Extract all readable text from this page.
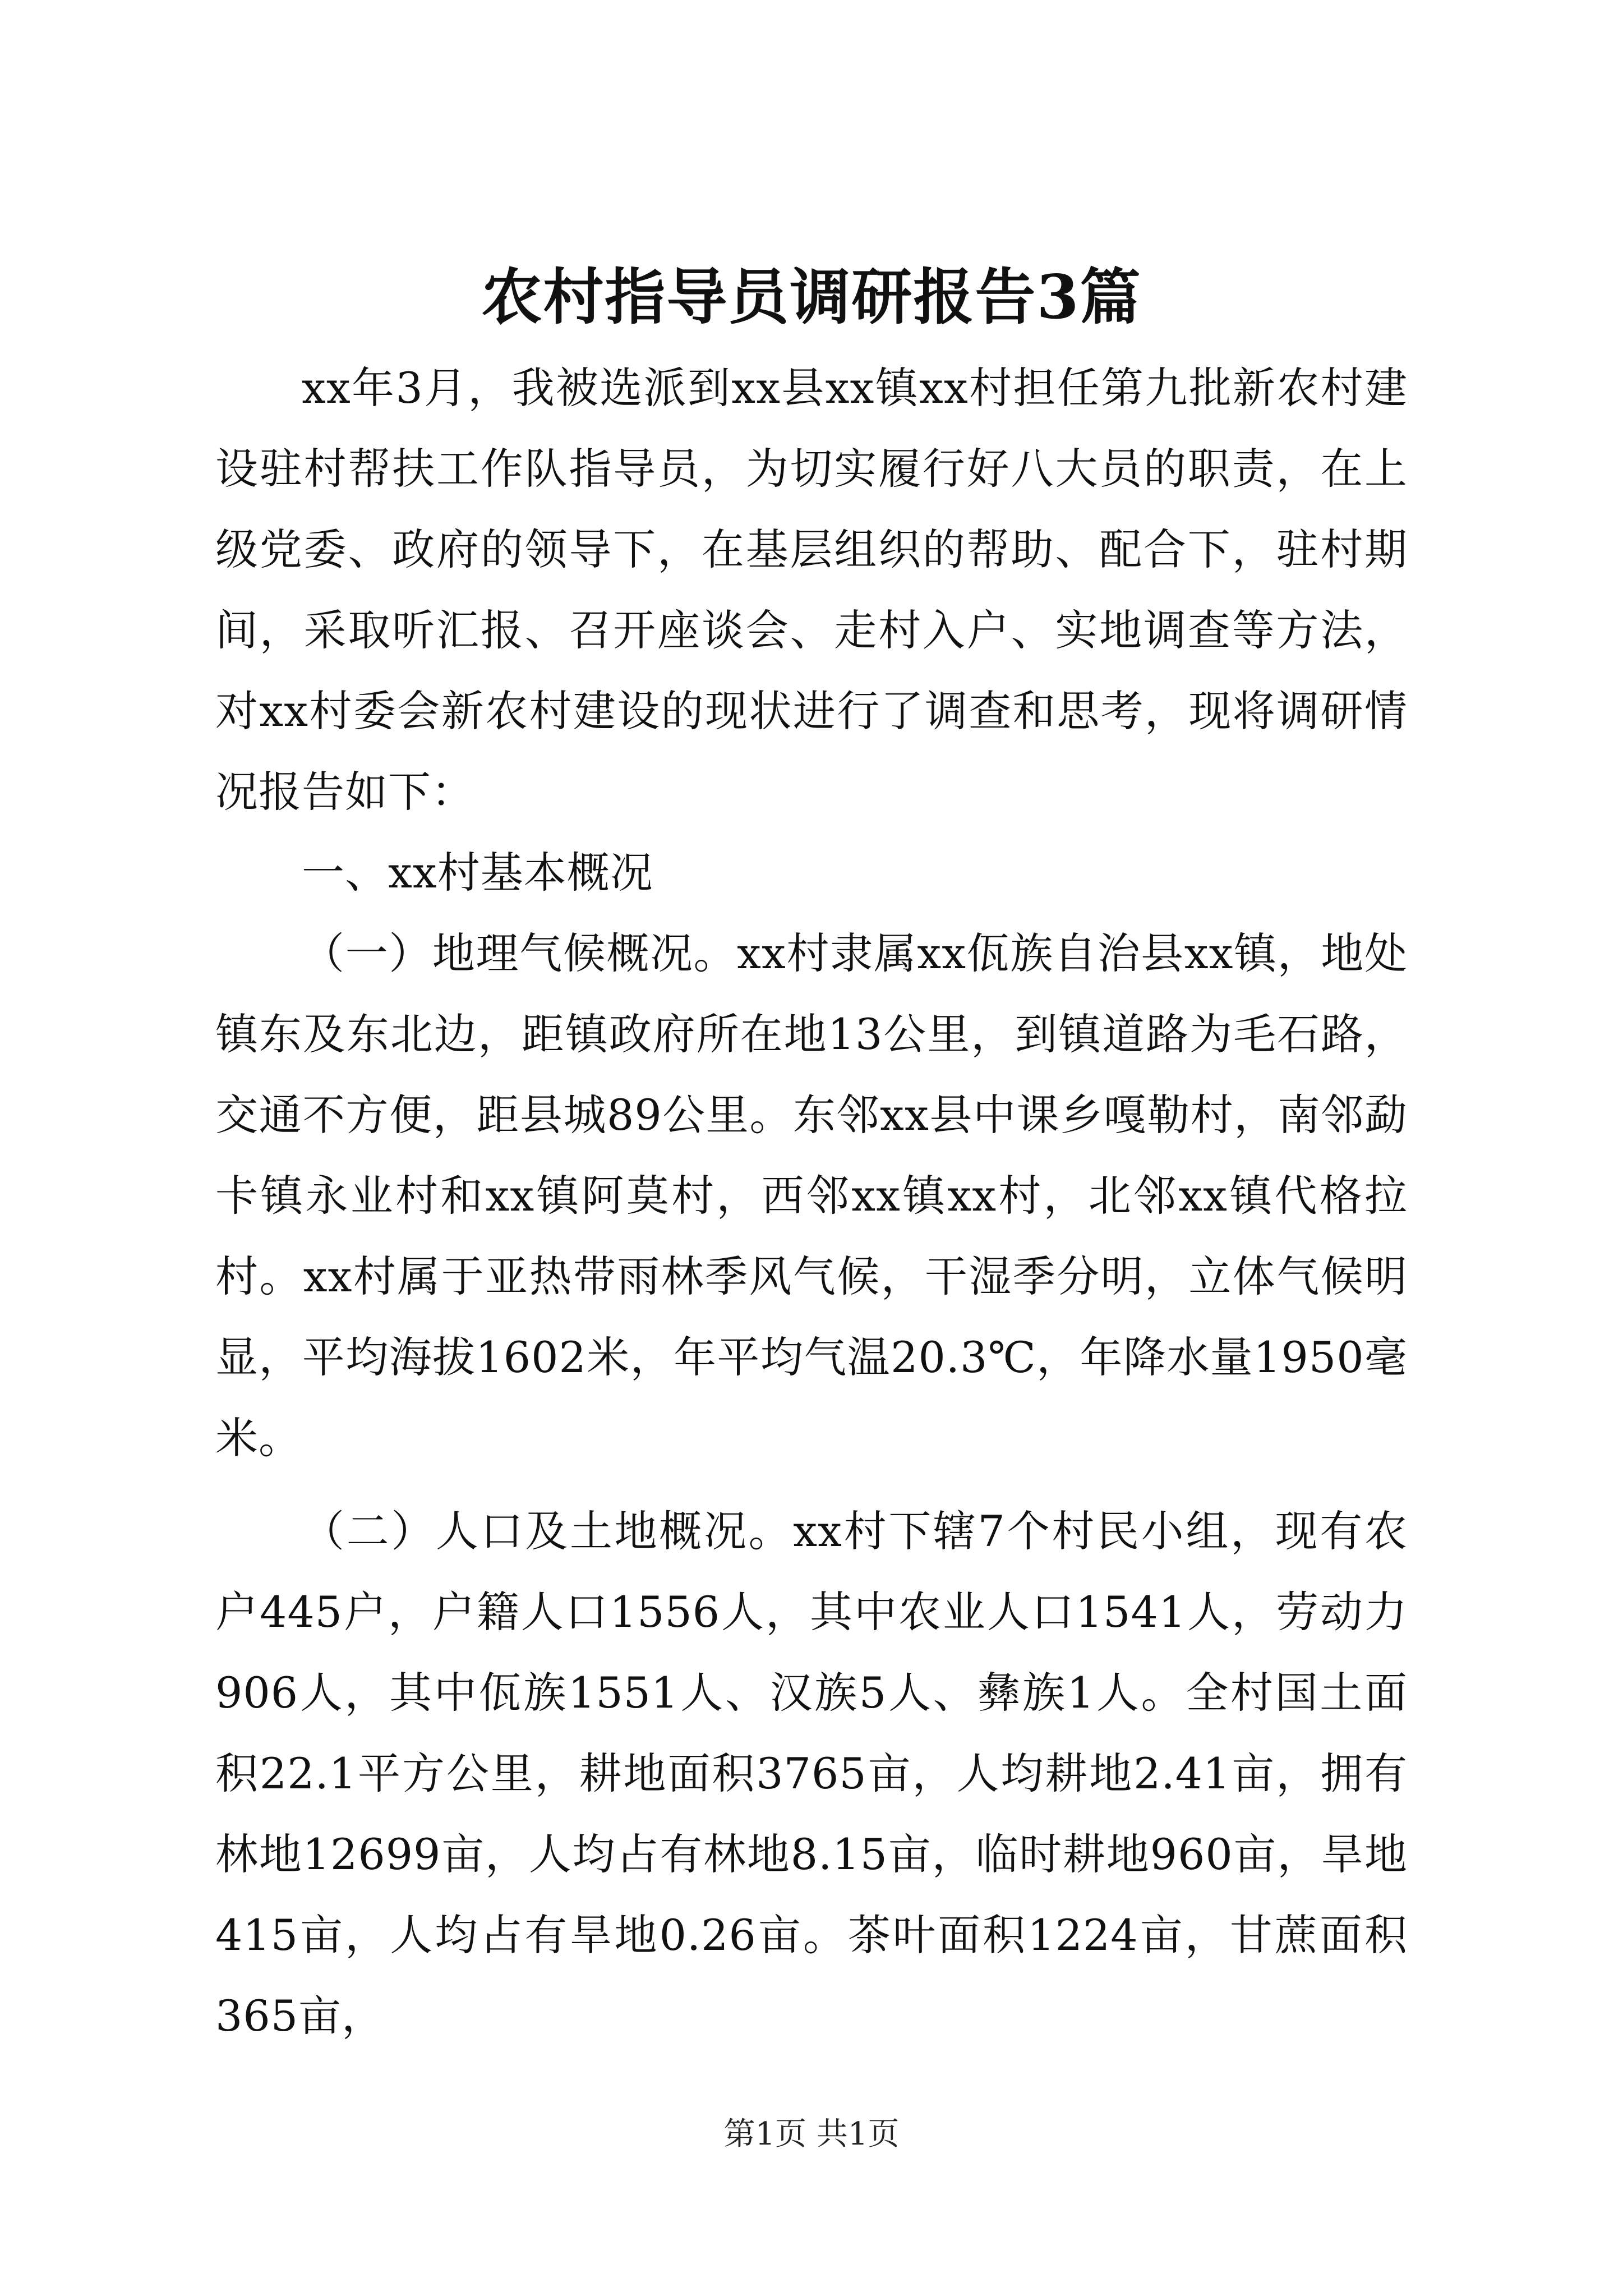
农村指导员调研报告3篇

xx年3月，我被选派到xx县xx镇xx村担任第九批新农村建设驻村帮扶工作队指导员，为切实履行好八大员的职责，在上级党委、政府的领导下，在基层组织的帮助、配合下，驻村期间，采取听汇报、召开座谈会、走村入户、实地调查等方法，对xx村委会新农村建设的现状进行了调查和思考，现将调研情况报告如下：

一、xx村基本概况

（一）地理气候概况。xx村隶属xx佤族自治县xx镇，地处镇东及东北边，距镇政府所在地13公里，到镇道路为毛石路，交通不方便，距县城89公里。东邻xx县中课乡嘎勒村，南邻勐卡镇永业村和xx镇阿莫村，西邻xx镇xx村，北邻xx镇代格拉村。xx村属于亚热带雨林季风气候，干湿季分明，立体气候明显，平均海拔1602米，年平均气温20.3℃，年降水量1950毫米。

（二）人口及土地概况。xx村下辖7个村民小组，现有农户445户，户籍人口1556人，其中农业人口1541人，劳动力906人，其中佤族1551人、汉族5人、彝族1人。全村国土面积22.1平方公里，耕地面积3765亩，人均耕地2.41亩，拥有林地12699亩，人均占有林地8.15亩，临时耕地960亩，旱地415亩，人均占有旱地0.26亩。茶叶面积1224亩，甘蔗面积365亩，

第1页 共1页
